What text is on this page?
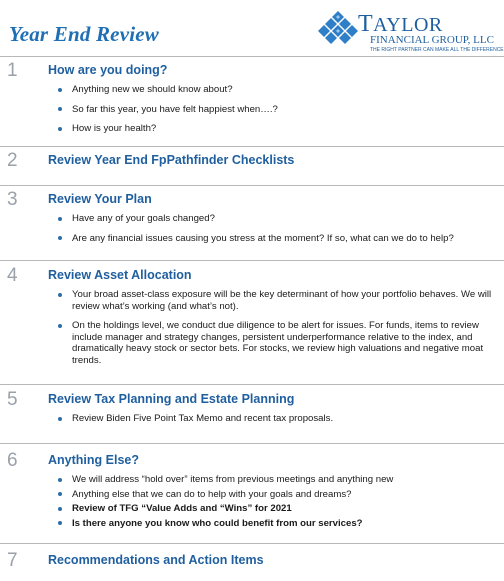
Year End Review	TAYLOR
FINANCIAL GROUP, LLC
THE RIGHT PARTNER CAN MAKE ALL THE DIFFERENCE
1 How are you doing?
Anything new we should know about?
So far this year, you have felt happiest when….?
How is your health?
2 Review Year End FpPathfinder Checklists
3 Review Your Plan
Have any of your goals changed?
Are any financial issues causing you stress at the moment? If so, what can we do to help?
4 Review Asset Allocation
Your broad asset-class exposure will be the key determinant of how your portfolio behaves. We will review what’s working (and what’s not).
On the holdings level, we conduct due diligence to be alert for issues. For funds, items to review include manager and strategy changes, persistent underperformance relative to the index, and dramatically heavy stock or sector bets. For stocks, we review high valuations and negative moat trends.
5 Review Tax Planning and Estate Planning
Review Biden Five Point Tax Memo and recent tax proposals.
6 Anything Else?
We will address “hold over” items from previous meetings and anything new
Anything else that we can do to help with your goals and dreams?
Review of TFG “Value Adds and “Wins” for 2021
Is there anyone you know who could benefit from our services?
7 Recommendations and Action Items
